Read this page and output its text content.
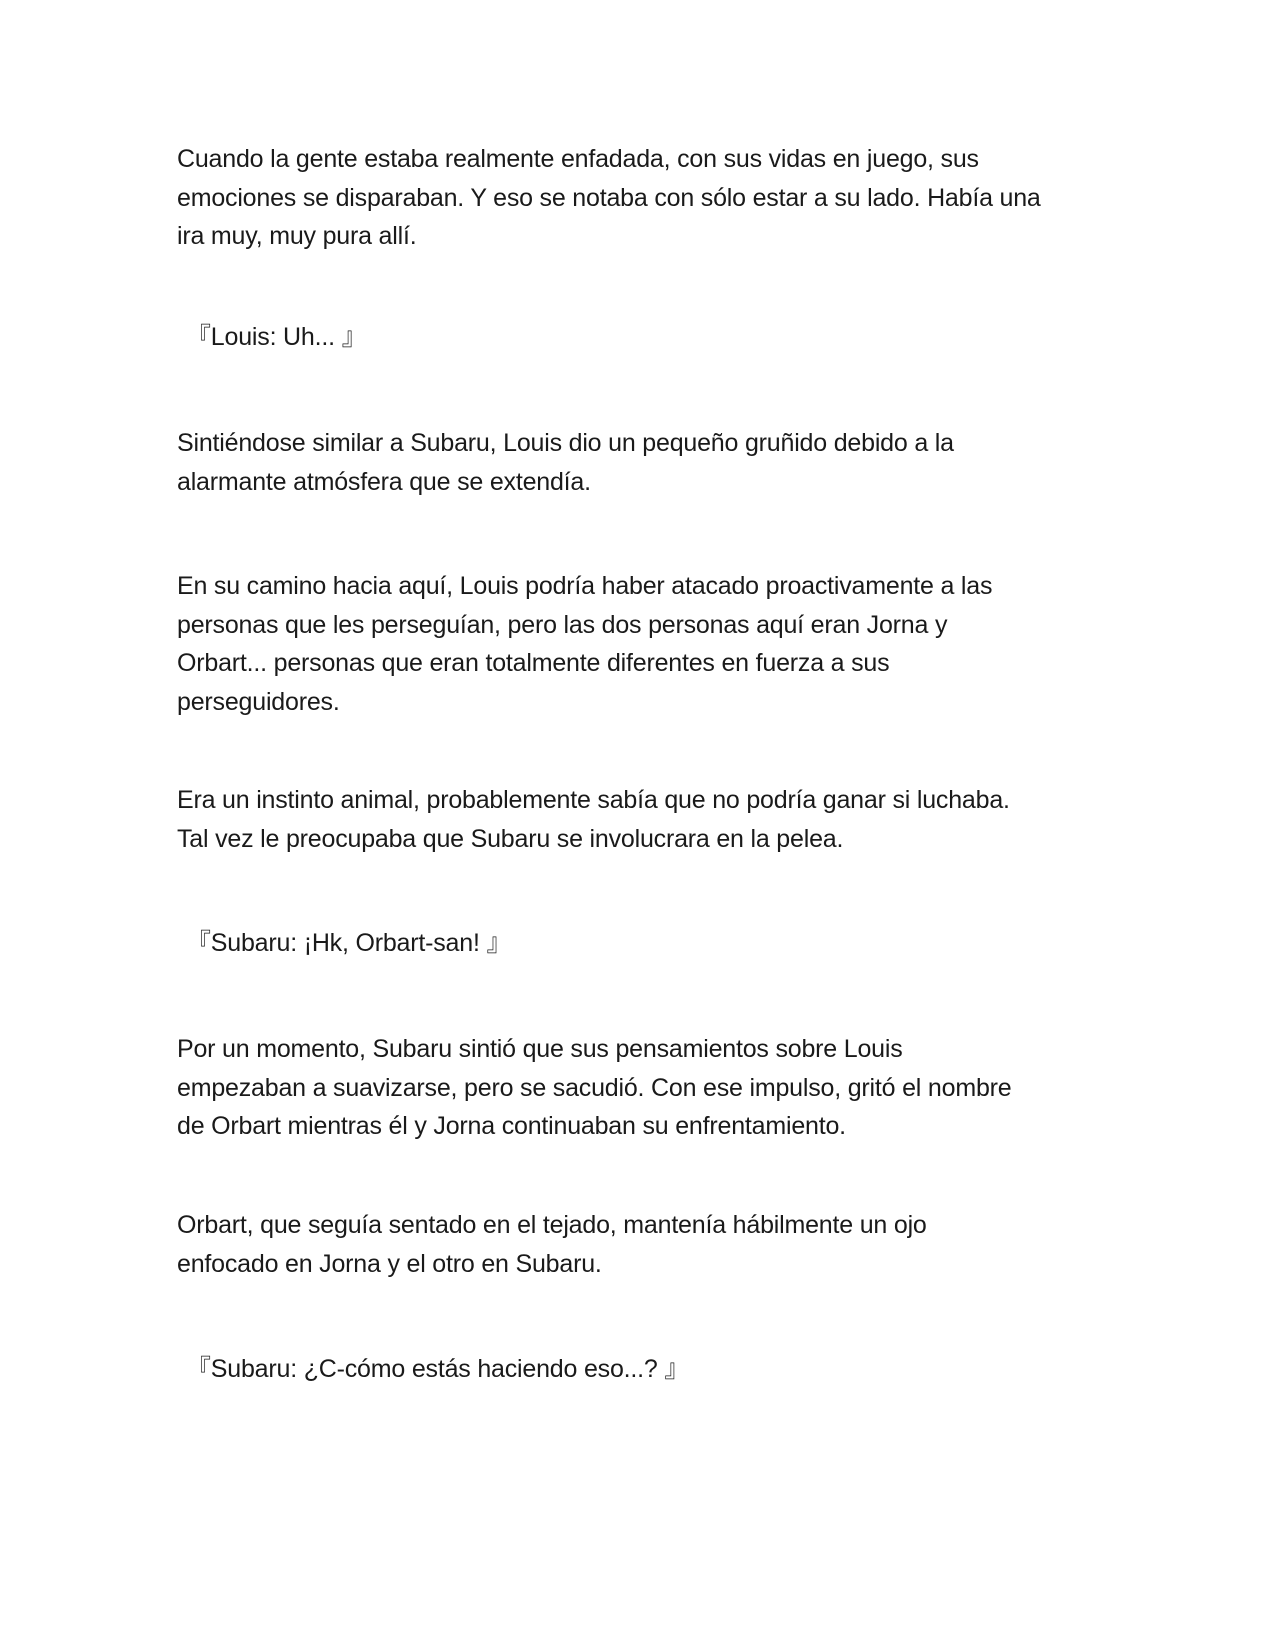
Cuando la gente estaba realmente enfadada, con sus vidas en juego, sus
emociones se disparaban. Y eso se notaba con sólo estar a su lado. Había una
ira muy, muy pura allí.

『Louis: Uh... 』

Sintiéndose similar a Subaru, Louis dio un pequeño gruñido debido a la
alarmante atmósfera que se extendía.

En su camino hacia aquí, Louis podría haber atacado proactivamente a las
personas que les perseguían, pero las dos personas aquí eran Jorna y
Orbart... personas que eran totalmente diferentes en fuerza a sus
perseguidores.

Era un instinto animal, probablemente sabía que no podría ganar si luchaba.
Tal vez le preocupaba que Subaru se involucrara en la pelea.

『Subaru: ¡Hk, Orbart-san! 』

Por un momento, Subaru sintió que sus pensamientos sobre Louis
empezaban a suavizarse, pero se sacudió. Con ese impulso, gritó el nombre
de Orbart mientras él y Jorna continuaban su enfrentamiento.

Orbart, que seguía sentado en el tejado, mantenía hábilmente un ojo
enfocado en Jorna y el otro en Subaru.

『Subaru: ¿C-cómo estás haciendo eso...? 』
